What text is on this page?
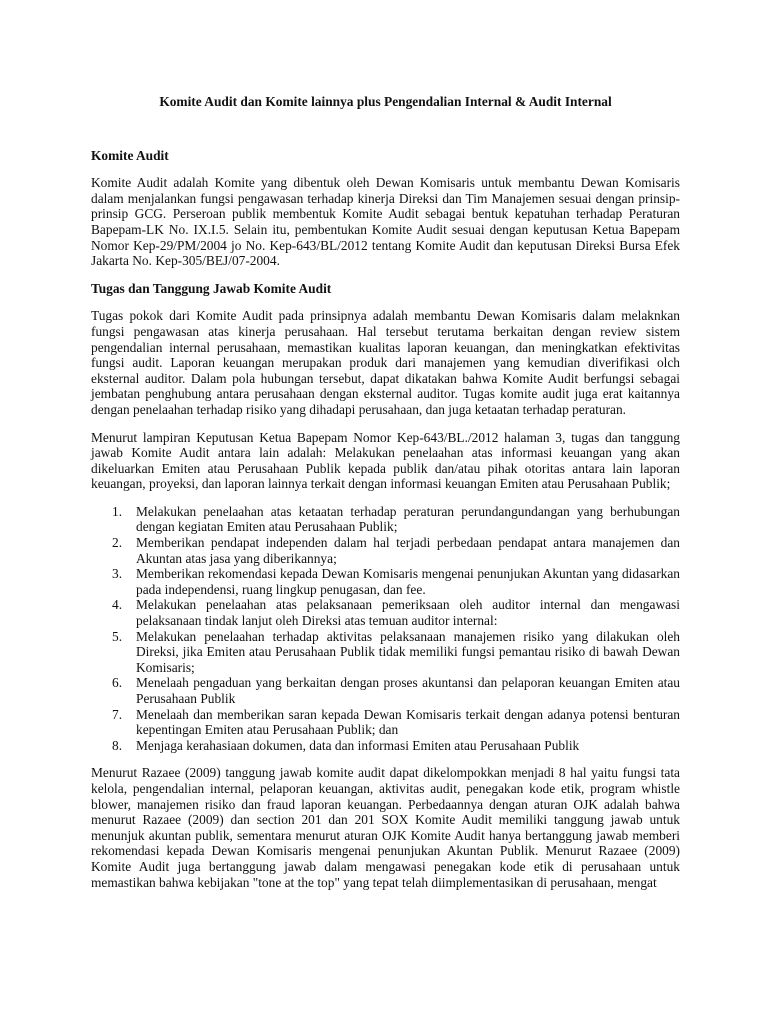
Komite Audit dan Komite lainnya plus Pengendalian Internal & Audit Internal
Komite Audit

Komite Audit adalah Komite yang dibentuk oleh Dewan Komisaris untuk membantu Dewan Komisaris dalam menjalankan fungsi pengawasan terhadap kinerja Direksi dan Tim Manajemen sesuai dengan prinsip-prinsip GCG. Perseroan publik membentuk Komite Audit sebagai bentuk kepatuhan terhadap Peraturan Bapepam-LK No. IX.I.5. Selain itu, pembentukan Komite Audit sesuai dengan keputusan Ketua Bapepam Nomor Kep-29/PM/2004 jo No. Kep-643/BL/2012 tentang Komite Audit dan keputusan Direksi Bursa Efek Jakarta No. Kep-305/BEJ/07-2004.

Tugas dan Tanggung Jawab Komite Audit

Tugas pokok dari Komite Audit pada prinsipnya adalah membantu Dewan Komisaris dalam melaknkan fungsi pengawasan atas kinerja perusahaan. Hal tersebut terutama berkaitan dengan review sistem pengendalian internal perusahaan, memastikan kualitas laporan keuangan, dan meningkatkan efektivitas fungsi audit. Laporan keuangan merupakan produk dari manajemen yang kemudian diverifikasi olch eksternal auditor. Dalam pola hubungan tersebut, dapat dikatakan bahwa Komite Audit berfungsi sebagai jembatan penghubung antara perusahaan dengan eksternal auditor. Tugas komite audit juga erat kaitannya dengan penelaahan terhadap risiko yang dihadapi perusahaan, dan juga ketaatan terhadap peraturan.

Menurut lampiran Keputusan Ketua Bapepam Nomor Kep-643/BL./2012 halaman 3, tugas dan tanggung jawab Komite Audit antara lain adalah: Melakukan penelaahan atas informasi keuangan yang akan dikeluarkan Emiten atau Perusahaan Publik kepada publik dan/atau pihak otoritas antara lain laporan keuangan, proyeksi, dan laporan lainnya terkait dengan informasi keuangan Emiten atau Perusahaan Publik;

1.	Melakukan penelaahan atas ketaatan terhadap peraturan perundangundangan yang berhubungan dengan kegiatan Emiten atau Perusahaan Publik;
2.	Memberikan pendapat independen dalam hal terjadi perbedaan pendapat antara manajemen dan Akuntan atas jasa yang diberikannya;
3.	Memberikan rekomendasi kepada Dewan Komisaris mengenai penunjukan Akuntan yang didasarkan pada independensi, ruang lingkup penugasan, dan fee.
4.	Melakukan penelaahan atas pelaksanaan pemeriksaan oleh auditor internal dan mengawasi pelaksanaan tindak lanjut oleh Direksi atas temuan auditor internal:
5.	Melakukan penelaahan terhadap aktivitas pelaksanaan manajemen risiko yang dilakukan oleh Direksi, jika Emiten atau Perusahaan Publik tidak memiliki fungsi pemantau risiko di bawah Dewan Komisaris;
6.	Menelaah pengaduan yang berkaitan dengan proses akuntansi dan pelaporan keuangan Emiten atau Perusahaan Publik
7.	Menelaah dan memberikan saran kepada Dewan Komisaris terkait dengan adanya potensi benturan kepentingan Emiten atau Perusahaan Publik; dan
8.	Menjaga kerahasiaan dokumen, data dan informasi Emiten atau Perusahaan Publik

Menurut Razaee (2009) tanggung jawab komite audit dapat dikelompokkan menjadi 8 hal yaitu fungsi tata kelola, pengendalian internal, pelaporan keuangan, aktivitas audit, penegakan kode etik, program whistle blower, manajemen risiko dan fraud laporan keuangan. Perbedaannya dengan aturan OJK adalah bahwa menurut Razaee (2009) dan section 201 dan 201 SOX Komite Audit memiliki tanggung jawab untuk menunjuk akuntan publik, sementara menurut aturan OJK Komite Audit hanya bertanggung jawab memberi rekomendasi kepada Dewan Komisaris mengenai penunjukan Akuntan Publik. Menurut Razaee (2009) Komite Audit juga bertanggung jawab dalam mengawasi penegakan kode etik di perusahaan untuk memastikan bahwa kebijakan "tone at the top" yang tepat telah diimplementasikan di perusahaan, mengat
